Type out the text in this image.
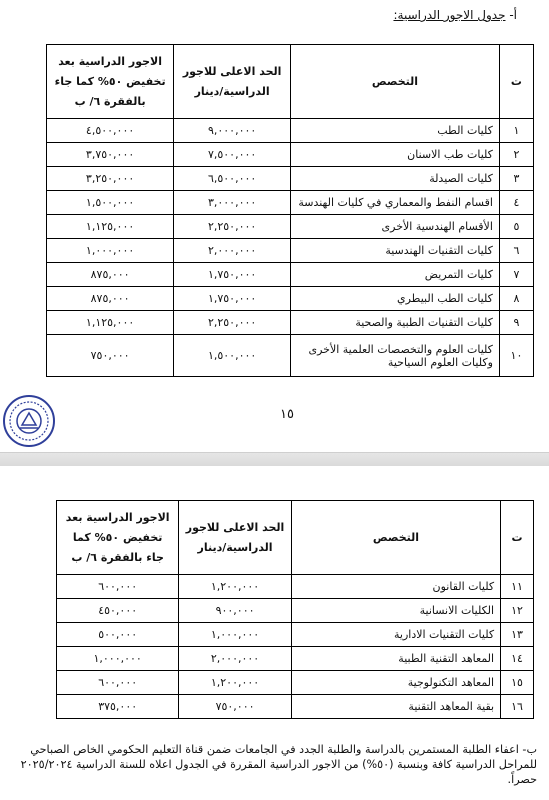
أ- جدول الاجور الدراسية:
ت	التخصص	الحد الاعلى للاجور الدراسية/دينار	الاجور الدراسية بعد تخفيض ٥٠% كما جاء بالفقرة ٦/ ب
١	كليات الطب	٩,٠٠٠,٠٠٠	٤,٥٠٠,٠٠٠
٢	كليات طب الاسنان	٧,٥٠٠,٠٠٠	٣,٧٥٠,٠٠٠
٣	كليات الصيدلة	٦,٥٠٠,٠٠٠	٣,٢٥٠,٠٠٠
٤	اقسام النفط والمعماري في كليات الهندسة	٣,٠٠٠,٠٠٠	١,٥٠٠,٠٠٠
٥	الأقسام الهندسية الأخرى	٢,٢٥٠,٠٠٠	١,١٢٥,٠٠٠
٦	كليات التقنيات الهندسية	٢,٠٠٠,٠٠٠	١,٠٠٠,٠٠٠
٧	كليات التمريض	١,٧٥٠,٠٠٠	٨٧٥,٠٠٠
٨	كليات الطب البيطري	١,٧٥٠,٠٠٠	٨٧٥,٠٠٠
٩	كليات التقنيات الطبية والصحية	٢,٢٥٠,٠٠٠	١,١٢٥,٠٠٠
١٠	كليات العلوم والتخصصات العلمية الأخرى وكليات العلوم السياحية	١,٥٠٠,٠٠٠	٧٥٠,٠٠٠
١٥
ت	التخصص	الحد الاعلى للاجور الدراسية/دينار	الاجور الدراسية بعد تخفيض ٥٠% كما جاء بالفقرة ٦/ ب
١١	كليات القانون	١,٢٠٠,٠٠٠	٦٠٠,٠٠٠
١٢	الكليات الانسانية	٩٠٠,٠٠٠	٤٥٠,٠٠٠
١٣	كليات التقنيات الادارية	١,٠٠٠,٠٠٠	٥٠٠,٠٠٠
١٤	المعاهد التقنية الطبية	٢,٠٠٠,٠٠٠	١,٠٠٠,٠٠٠
١٥	المعاهد التكنولوجية	١,٢٠٠,٠٠٠	٦٠٠,٠٠٠
١٦	بقية المعاهد التقنية	٧٥٠,٠٠٠	٣٧٥,٠٠٠
ب- اعفاء الطلبة المستمرين بالدراسة والطلبة الجدد في الجامعات ضمن قناة التعليم الحكومي الخاص الصباحي للمراحل الدراسية كافة وبنسبة (٥٠%) من الاجور الدراسية المقررة في الجدول اعلاه للسنة الدراسية ٢٠٢٥/٢٠٢٤ حصراً.
